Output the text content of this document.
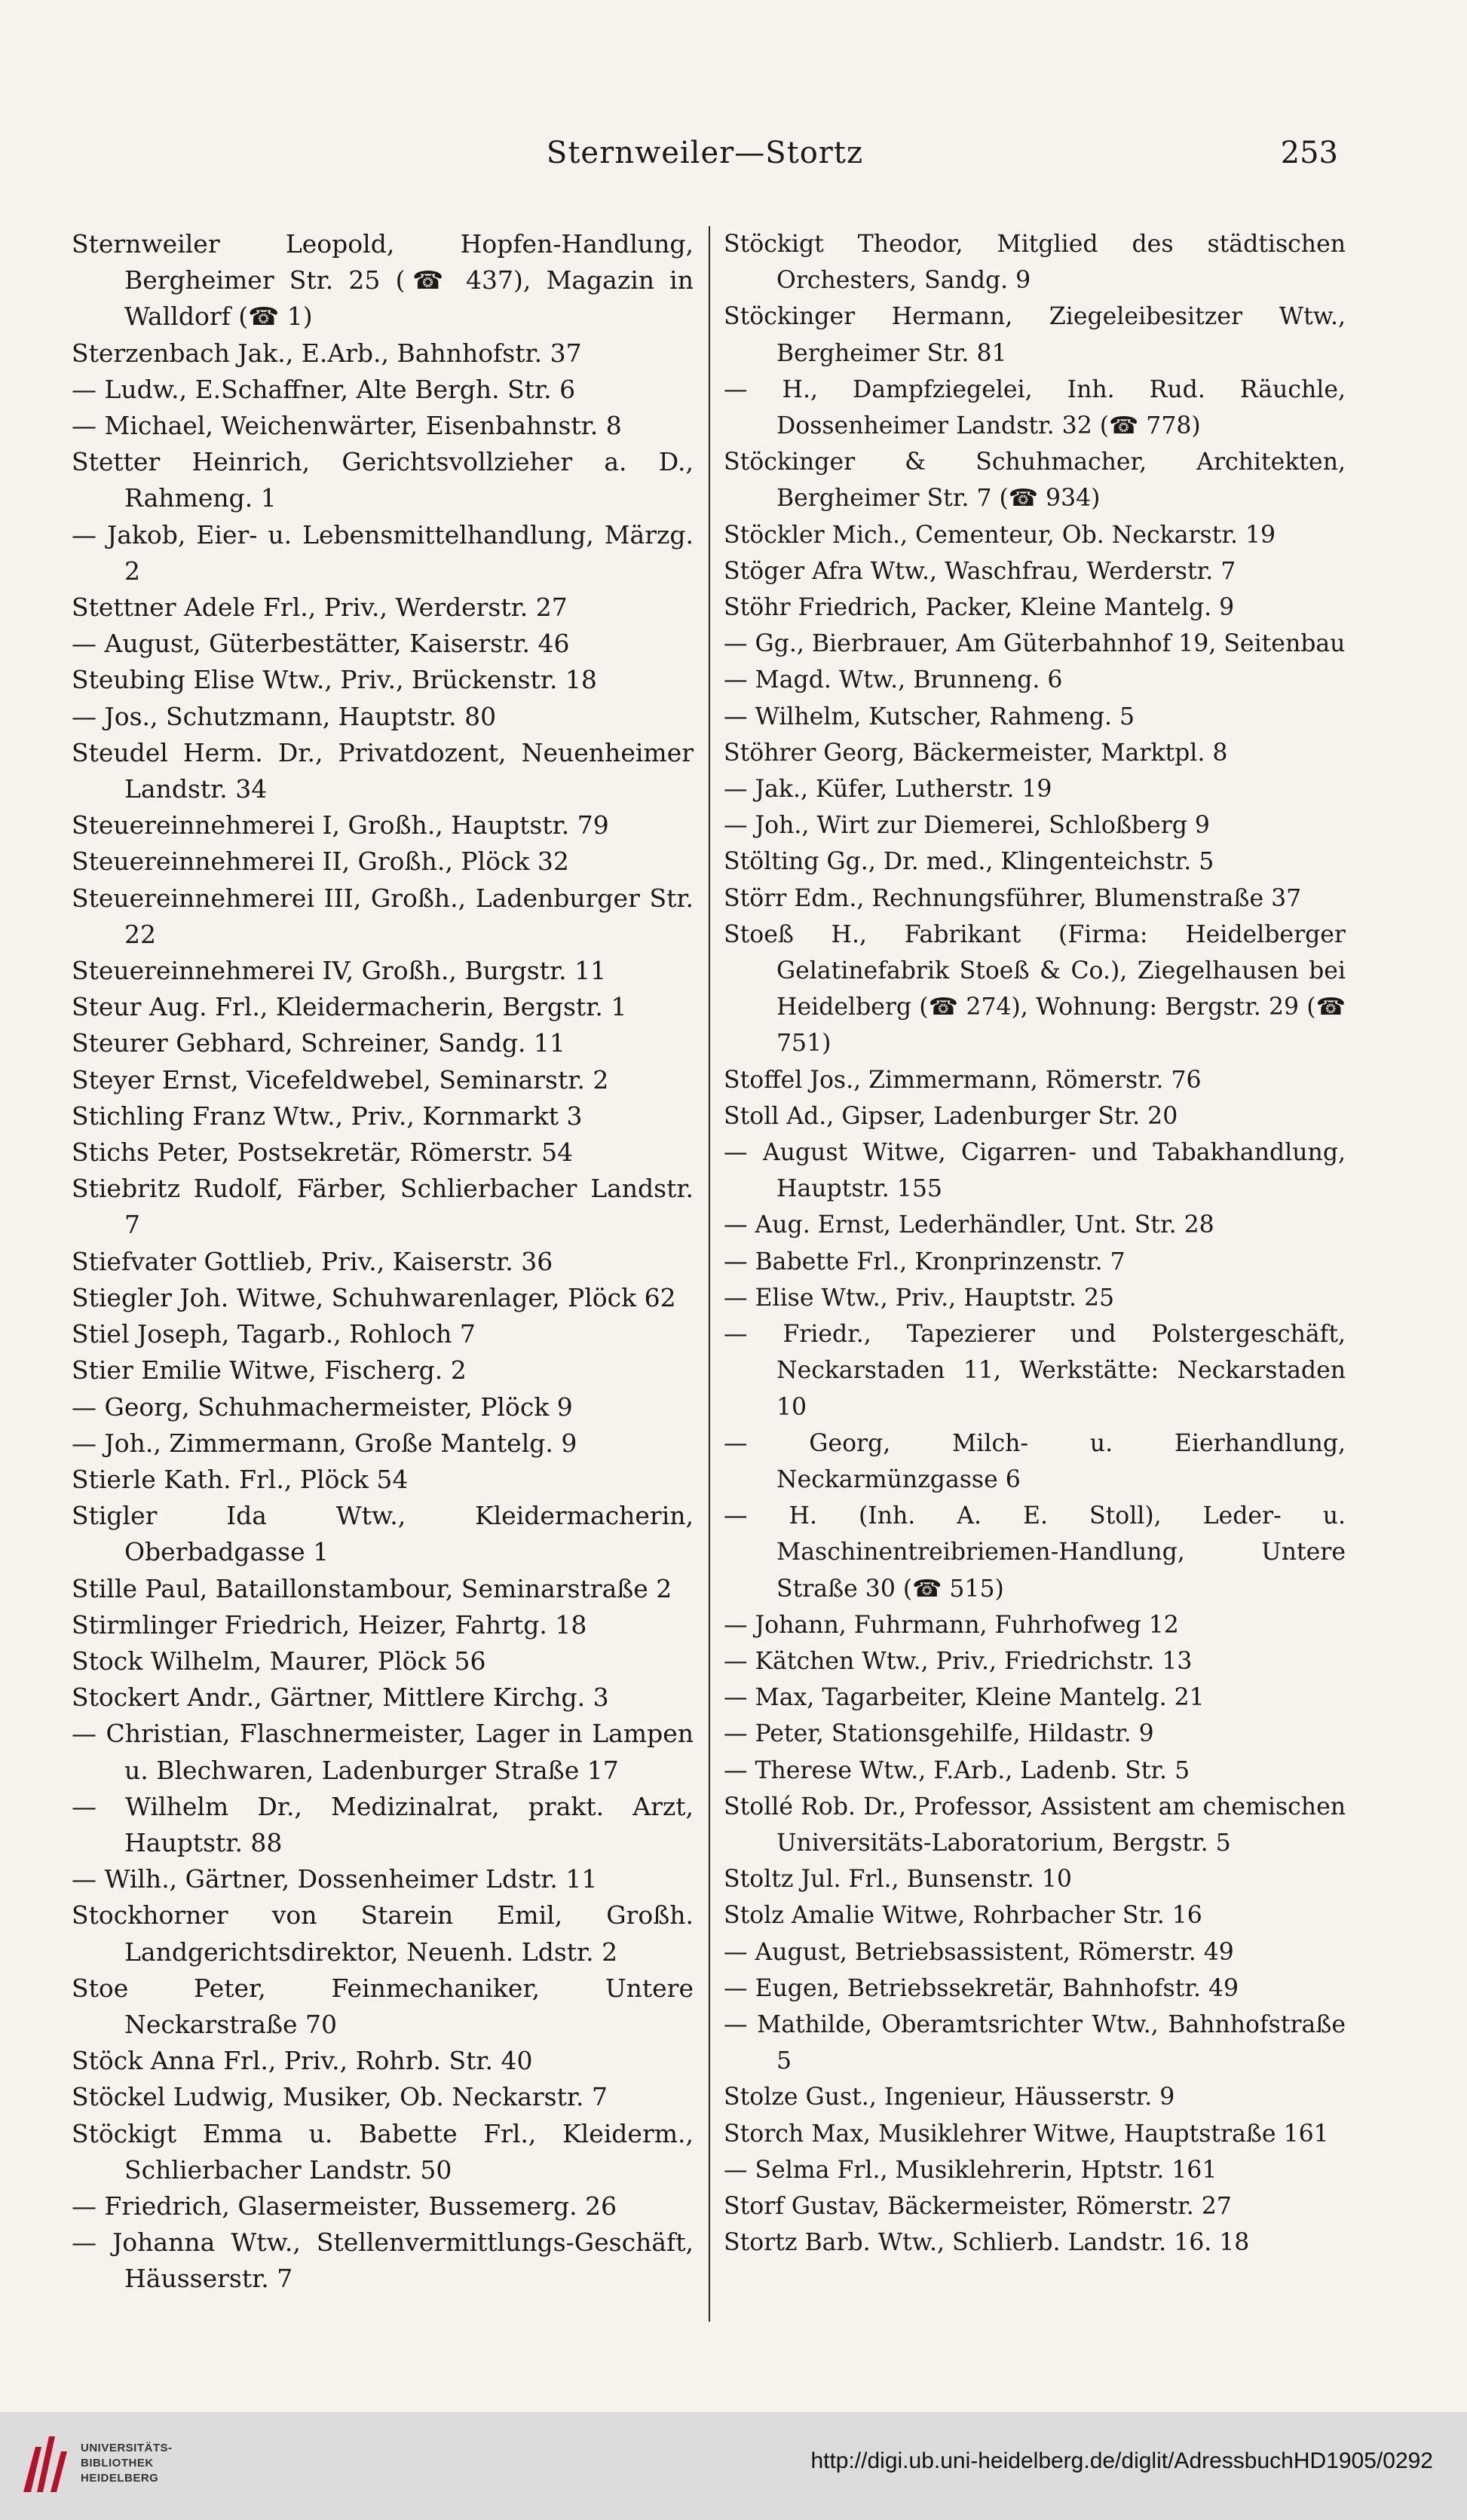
Sternweiler—Stortz	253
Sternweiler Leopold, Hopfen-Handlung, Bergheimer Str. 25 (☎ 437), Magazin in Walldorf (☎ 1)
Sterzenbach Jak., E.Arb., Bahnhofstr. 37
— Ludw., E.Schaffner, Alte Bergh. Str. 6
— Michael, Weichenwärter, Eisenbahnstr. 8
Stetter Heinrich, Gerichtsvollzieher a. D., Rahmeng. 1
— Jakob, Eier- u. Lebensmittelhandlung, Märzg. 2
Stettner Adele Frl., Priv., Werderstr. 27
— August, Güterbestätter, Kaiserstr. 46
Steubing Elise Wtw., Priv., Brückenstr. 18
— Jos., Schutzmann, Hauptstr. 80
Steudel Herm. Dr., Privatdozent, Neuenheimer Landstr. 34
Steuereinnehmerei I, Großh., Hauptstr. 79
Steuereinnehmerei II, Großh., Plöck 32
Steuereinnehmerei III, Großh., Ladenburger Str. 22
Steuereinnehmerei IV, Großh., Burgstr. 11
Steur Aug. Frl., Kleidermacherin, Bergstr. 1
Steurer Gebhard, Schreiner, Sandg. 11
Steyer Ernst, Vicefeldwebel, Seminarstr. 2
Stichling Franz Wtw., Priv., Kornmarkt 3
Stichs Peter, Postsekretär, Römerstr. 54
Stiebritz Rudolf, Färber, Schlierbacher Landstr. 7
Stiefvater Gottlieb, Priv., Kaiserstr. 36
Stiegler Joh. Witwe, Schuhwarenlager, Plöck 62
Stiel Joseph, Tagarb., Rohloch 7
Stier Emilie Witwe, Fischerg. 2
— Georg, Schuhmachermeister, Plöck 9
— Joh., Zimmermann, Große Mantelg. 9
Stierle Kath. Frl., Plöck 54
Stigler Ida Wtw., Kleidermacherin, Oberbadgasse 1
Stille Paul, Bataillonstambour, Seminarstraße 2
Stirmlinger Friedrich, Heizer, Fahrtg. 18
Stock Wilhelm, Maurer, Plöck 56
Stockert Andr., Gärtner, Mittlere Kirchg. 3
— Christian, Flaschnermeister, Lager in Lampen u. Blechwaren, Ladenburger Straße 17
— Wilhelm Dr., Medizinalrat, prakt. Arzt, Hauptstr. 88
— Wilh., Gärtner, Dossenheimer Ldstr. 11
Stockhorner von Starein Emil, Großh. Landgerichtsdirektor, Neuenh. Ldstr. 2
Stoe Peter, Feinmechaniker, Untere Neckarstraße 70
Stöck Anna Frl., Priv., Rohrb. Str. 40
Stöckel Ludwig, Musiker, Ob. Neckarstr. 7
Stöckigt Emma u. Babette Frl., Kleiderm., Schlierbacher Landstr. 50
— Friedrich, Glasermeister, Bussemerg. 26
— Johanna Wtw., Stellenvermittlungs-Geschäft, Häusserstr. 7
Stöckigt Theodor, Mitglied des städtischen Orchesters, Sandg. 9
Stöckinger Hermann, Ziegeleibesitzer Wtw., Bergheimer Str. 81
— H., Dampfziegelei, Inh. Rud. Räuchle, Dossenheimer Landstr. 32 (☎ 778)
Stöckinger & Schuhmacher, Architekten, Bergheimer Str. 7 (☎ 934)
Stöckler Mich., Cementeur, Ob. Neckarstr. 19
Stöger Afra Wtw., Waschfrau, Werderstr. 7
Stöhr Friedrich, Packer, Kleine Mantelg. 9
— Gg., Bierbrauer, Am Güterbahnhof 19, Seitenbau
— Magd. Wtw., Brunneng. 6
— Wilhelm, Kutscher, Rahmeng. 5
Stöhrer Georg, Bäckermeister, Marktpl. 8
— Jak., Küfer, Lutherstr. 19
— Joh., Wirt zur Diemerei, Schloßberg 9
Stölting Gg., Dr. med., Klingenteichstr. 5
Störr Edm., Rechnungsführer, Blumenstraße 37
Stoeß H., Fabrikant (Firma: Heidelberger Gelatinefabrik Stoeß & Co.), Ziegelhausen bei Heidelberg (☎ 274), Wohnung: Bergstr. 29 (☎ 751)
Stoffel Jos., Zimmermann, Römerstr. 76
Stoll Ad., Gipser, Ladenburger Str. 20
— August Witwe, Cigarren- und Tabakhandlung, Hauptstr. 155
— Aug. Ernst, Lederhändler, Unt. Str. 28
— Babette Frl., Kronprinzenstr. 7
— Elise Wtw., Priv., Hauptstr. 25
— Friedr., Tapezierer und Polstergeschäft, Neckarstaden 11, Werkstätte: Neckarstaden 10
— Georg, Milch- u. Eierhandlung, Neckarmünzgasse 6
— H. (Inh. A. E. Stoll), Leder- u. Maschinentreibriemen-Handlung, Untere Straße 30 (☎ 515)
— Johann, Fuhrmann, Fuhrhofweg 12
— Kätchen Wtw., Priv., Friedrichstr. 13
— Max, Tagarbeiter, Kleine Mantelg. 21
— Peter, Stationsgehilfe, Hildastr. 9
— Therese Wtw., F.Arb., Ladenb. Str. 5
Stollé Rob. Dr., Professor, Assistent am chemischen Universitäts-Laboratorium, Bergstr. 5
Stoltz Jul. Frl., Bunsenstr. 10
Stolz Amalie Witwe, Rohrbacher Str. 16
— August, Betriebsassistent, Römerstr. 49
— Eugen, Betriebssekretär, Bahnhofstr. 49
— Mathilde, Oberamtsrichter Wtw., Bahnhofstraße 5
Stolze Gust., Ingenieur, Häusserstr. 9
Storch Max, Musiklehrer Witwe, Hauptstraße 161
— Selma Frl., Musiklehrerin, Hptstr. 161
Storf Gustav, Bäckermeister, Römerstr. 27
Stortz Barb. Wtw., Schlierb. Landstr. 16. 18
UNIVERSITÄTS-
BIBLIOTHEK
HEIDELBERG
http://digi.ub.uni-heidelberg.de/diglit/AdressbuchHD1905/0292
